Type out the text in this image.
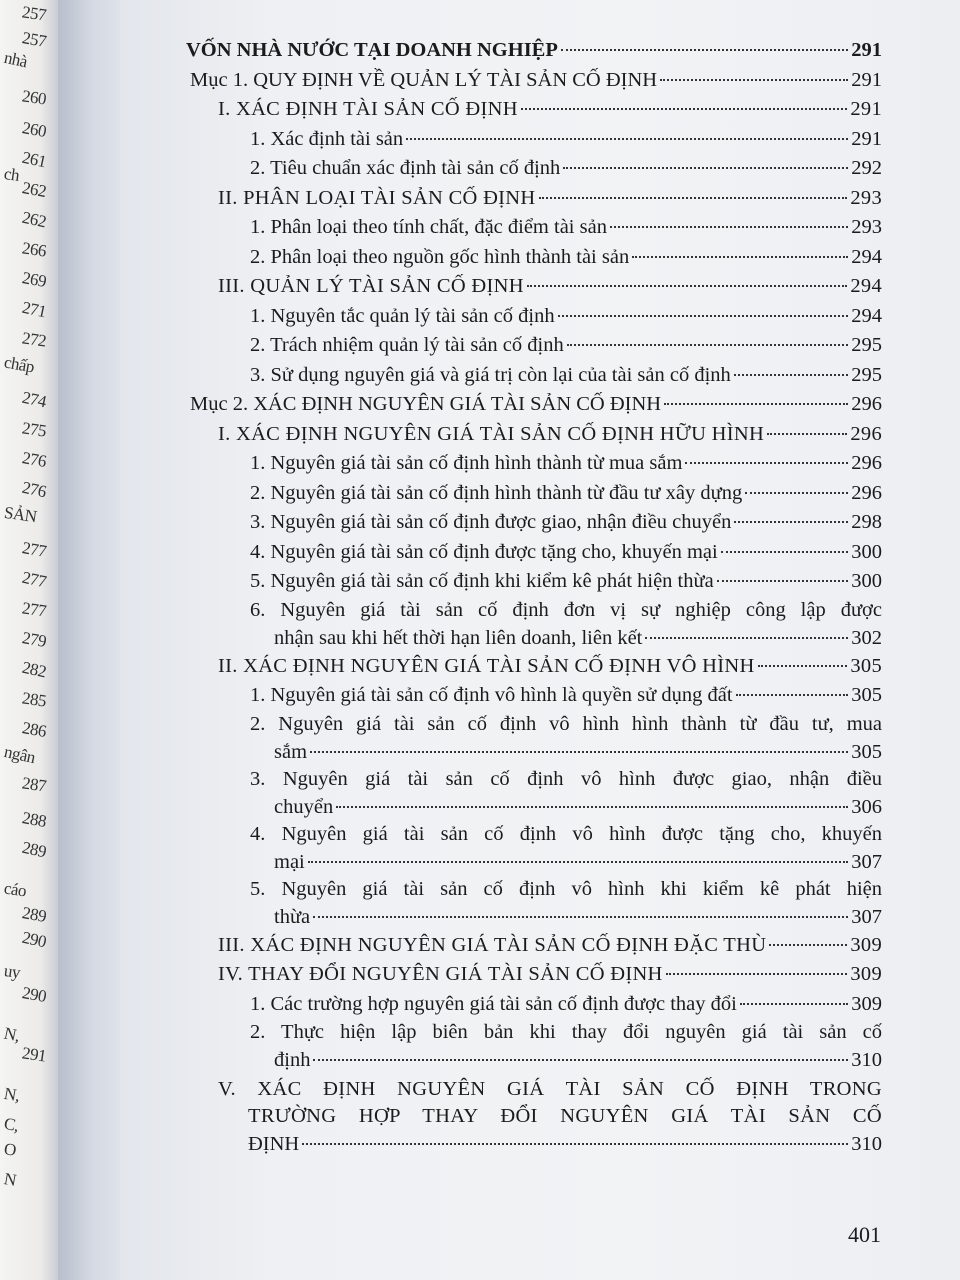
257
257
nhà
260
260
261
ch
262
262
266
269
271
272
chấp
274
275
276
276
SẢN
277
277
277
279
282
285
286
ngân
287
288
289
cáo
289
290
uy
290
N,
291
N,
C,
O
N
VỐN NHÀ NƯỚC TẠI DOANH NGHIỆP	291
Mục 1. QUY ĐỊNH VỀ QUẢN LÝ TÀI SẢN CỐ ĐỊNH	291
I. XÁC ĐỊNH TÀI SẢN CỐ ĐỊNH	291
1. Xác định tài sản	291
2. Tiêu chuẩn xác định tài sản cố định	292
II. PHÂN LOẠI TÀI SẢN CỐ ĐỊNH	293
1. Phân loại theo tính chất, đặc điểm tài sản	293
2. Phân loại theo nguồn gốc hình thành tài sản	294
III. QUẢN LÝ TÀI SẢN CỐ ĐỊNH	294
1. Nguyên tắc quản lý tài sản cố định	294
2. Trách nhiệm quản lý tài sản cố định	295
3. Sử dụng nguyên giá và giá trị còn lại của tài sản cố định	295
Mục 2. XÁC ĐỊNH NGUYÊN GIÁ TÀI SẢN CỐ ĐỊNH	296
I. XÁC ĐỊNH NGUYÊN GIÁ TÀI SẢN CỐ ĐỊNH HỮU HÌNH	296
1. Nguyên giá tài sản cố định hình thành từ mua sắm	296
2. Nguyên giá tài sản cố định hình thành từ đầu tư xây dựng	296
3. Nguyên giá tài sản cố định được giao, nhận điều chuyển	298
4. Nguyên giá tài sản cố định được tặng cho, khuyến mại	300
5. Nguyên giá tài sản cố định khi kiểm kê phát hiện thừa	300
6. Nguyên giá tài sản cố định đơn vị sự nghiệp công lập được
nhận sau khi hết thời hạn liên doanh, liên kết	302
II. XÁC ĐỊNH NGUYÊN GIÁ TÀI SẢN CỐ ĐỊNH VÔ HÌNH	305
1. Nguyên giá tài sản cố định vô hình là quyền sử dụng đất	305
2. Nguyên giá tài sản cố định vô hình hình thành từ đầu tư, mua
sắm	305
3. Nguyên giá tài sản cố định vô hình được giao, nhận điều
chuyển	306
4. Nguyên giá tài sản cố định vô hình được tặng cho, khuyến
mại	307
5. Nguyên giá tài sản cố định vô hình khi kiểm kê phát hiện
thừa	307
III. XÁC ĐỊNH NGUYÊN GIÁ TÀI SẢN CỐ ĐỊNH ĐẶC THÙ	309
IV. THAY ĐỔI NGUYÊN GIÁ TÀI SẢN CỐ ĐỊNH	309
1. Các trường hợp nguyên giá tài sản cố định được thay đổi	309
2. Thực hiện lập biên bản khi thay đổi nguyên giá tài sản cố
định	310
V. XÁC ĐỊNH NGUYÊN GIÁ TÀI SẢN CỐ ĐỊNH TRONG
TRƯỜNG HỢP THAY ĐỔI NGUYÊN GIÁ TÀI SẢN CỐ
ĐỊNH	310
401
